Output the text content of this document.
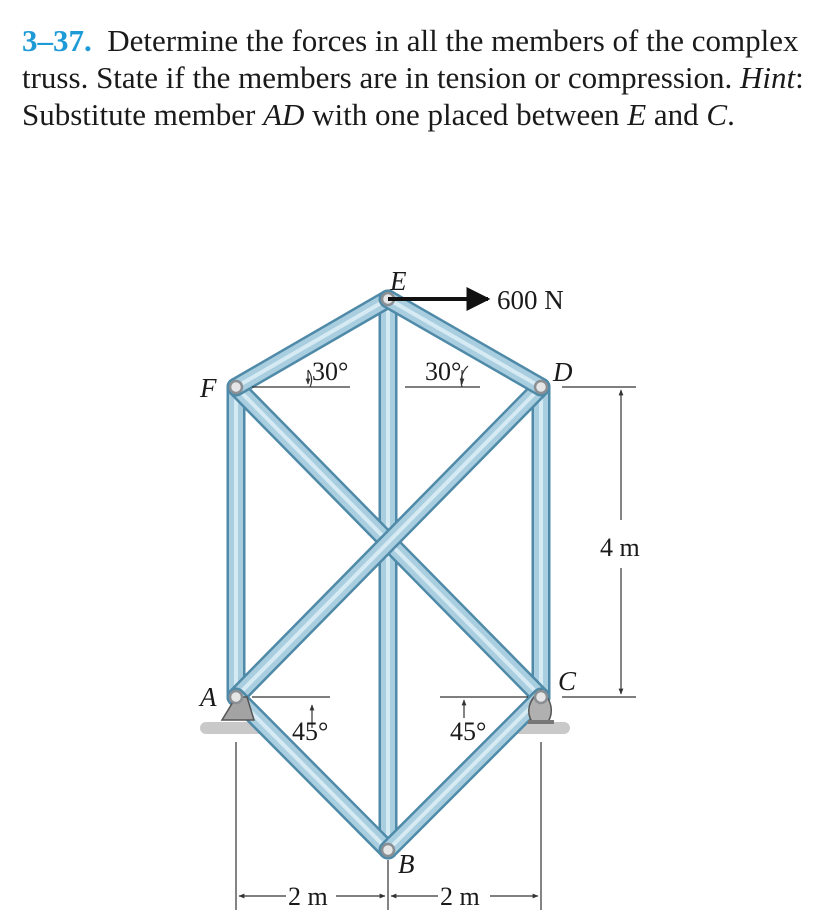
3–37. Determine the forces in all the members of the complex truss. State if the members are in tension or compression. Hint: Substitute member AD with one placed between E and C.

600 N
E
F
D
A
C
B
30°	30°
45°	45°
4 m
2 m	2 m
